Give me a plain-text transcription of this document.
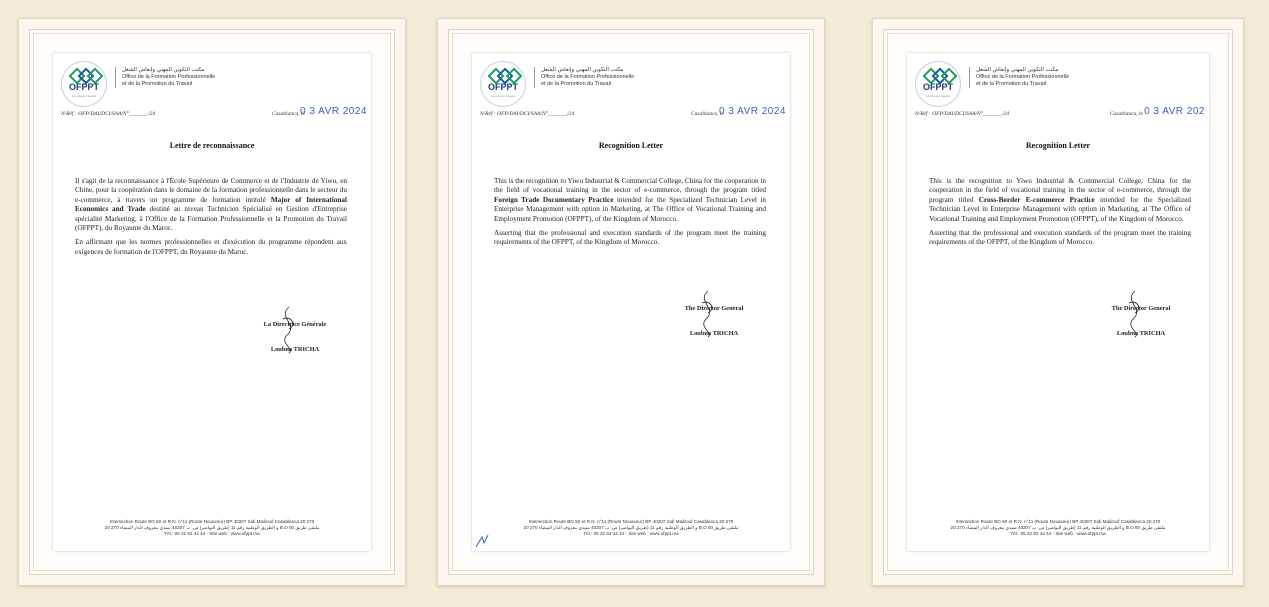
OFPPT
La voie de l'avenir
مكتب التكوين المهني وإنعاش الشغل
Office de la Formation Professionnelle
et de la Promotion du Travail
N/Réf : OFP/DAI/DCI/SAA/N°_______/24	Casablanca, le
0 3 AVR 2024
Lettre de reconnaissance

Il s'agit de la reconnaissance à l'École Supérieure de Commerce et de l'Industrie de Yiwu, en Chine, pour la coopération dans le domaine de la formation professionnelle dans le secteur du e-commerce, à travers un programme de formation intitulé Major of International Economics and Trade destiné au niveau Technicien Spécialisé en Gestion d'Entreprise spécialité Marketing, à l'Office de la Formation Professionnelle et la Promotion du Travail (OFPPT), du Royaume du Maroc.

En affirmant que les normes professionnelles et d'exécution du programme répondent aux exigences de formation de l'OFPPT, du Royaume du Maroc.

La Directrice Générale
Loubna TRICHA
Intersection Route BO 50 et R.N. n°11 (Route Nouaceur) BP 40207 Sidi Maârouf Casablanca 20 270
ملتقى طريق 50 B.O و الطريق الوطنية رقم 11 (طريق النواصر) ص. ب 40207 سيدي معروف الدار البيضاء 270 20
Tél.: 05 22 63 44 44 - Site web : www.ofppt.ma
OFPPT
La voie de l'avenir
مكتب التكوين المهني وإنعاش الشغل
Office de la Formation Professionnelle
et de la Promotion du Travail
N/Réf : OFP/DAI/DCI/SAA/N°_______/24	Casablanca, le
0 3 AVR 2024
Recognition Letter

This is the recognition to Yiwu Industrial & Commercial College, China for the cooperation in the field of vocational training in the sector of e-commerce, through the program titled Foreign Trade Documentary Practice intended for the Specialized Technician Level in Enterprise Management with option in Marketing, at The Office of Vocational Training and Employment Promotion (OFPPT), of the Kingdom of Morocco.

Asserting that the professional and execution standards of the program meet the training requirements of the OFPPT, of the Kingdom of Morocco.

The Director General
Loubna TRICHA
Intersection Route BO 50 et R.N. n°11 (Route Nouaceur) BP 40207 Sidi Maârouf Casablanca 20 270
ملتقى طريق 50 B.O و الطريق الوطنية رقم 11 (طريق النواصر) ص. ب 40207 سيدي معروف الدار البيضاء 270 20
Tél.: 05 22 63 44 44 - Site web : www.ofppt.ma
OFPPT
La voie de l'avenir
مكتب التكوين المهني وإنعاش الشغل
Office de la Formation Professionnelle
et de la Promotion du Travail
N/Réf : OFP/DAI/DCI/SAA/N°_______/24	Casablanca, le 0 3 AVR 202
Recognition Letter

This is the recognition to Yiwu Industrial & Commercial College, China for the cooperation in the field of vocational training in the sector of e-commerce, through the program titled Cross-Border E-commerce Practice intended for the Specialized Technician Level in Enterprise Management with option in Marketing, at The Office of Vocational Training and Employment Promotion (OFPPT), of the Kingdom of Morocco.

Asserting that the professional and execution standards of the program meet the training requirements of the OFPPT, of the Kingdom of Morocco.

The Director General
Loubna TRICHA
Intersection Route BO 50 et R.N. n°11 (Route Nouaceur) BP 40207 Sidi Maârouf Casablanca 20 270
ملتقى طريق 50 B.O و الطريق الوطنية رقم 11 (طريق النواصر) ص. ب 40207 سيدي معروف الدار البيضاء 270 20
Tél.: 05 22 63 44 44 - Site web : www.ofppt.ma
